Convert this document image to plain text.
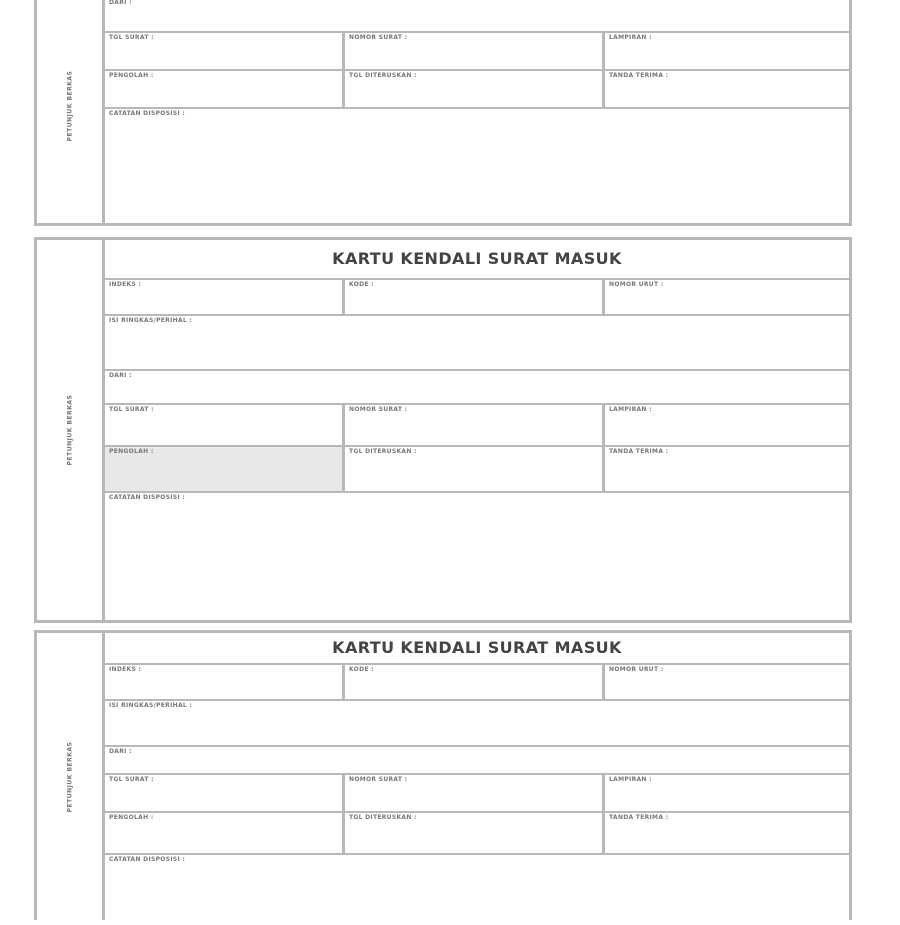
PETUNJUK BERKAS
DARI :
TGL SURAT :	NOMOR SURAT :	LAMPIRAN :
PENGOLAH :	TGL DITERUSKAN :	TANDA TERIMA :
CATATAN DISPOSISI :
PETUNJUK BERKAS
KARTU KENDALI SURAT MASUK
INDEKS :	KODE :	NOMOR URUT :
ISI RINGKAS/PERIHAL :
DARI :
TGL SURAT :	NOMOR SURAT :	LAMPIRAN :
PENGOLAH :	TGL DITERUSKAN :	TANDA TERIMA :
CATATAN DISPOSISI :
PETUNJUK BERKAS
KARTU KENDALI SURAT MASUK
INDEKS :	KODE :	NOMOR URUT :
ISI RINGKAS/PERIHAL :
DARI :
TGL SURAT :	NOMOR SURAT :	LAMPIRAN :
PENGOLAH :	TGL DITERUSKAN :	TANDA TERIMA :
CATATAN DISPOSISI :
